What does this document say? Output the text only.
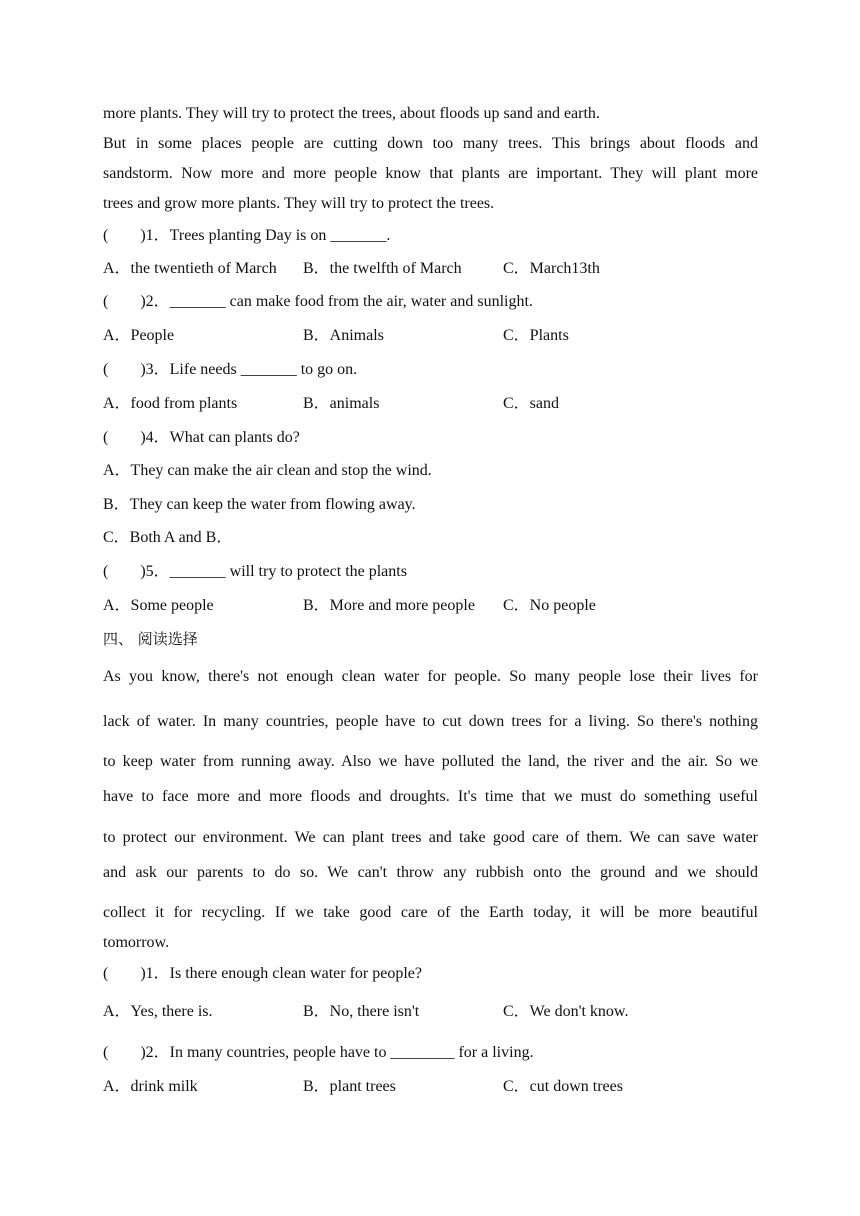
more plants. They will try to protect the trees, about floods up sand and earth.
But in some places people are cutting down too many trees. This brings about floods and
sandstorm. Now more and more people know that plants are important. They will plant more
trees and grow more plants. They will try to protect the trees.
(　　)1．Trees planting Day is on _______.
A．the twentieth of March B．the twelfth of March	C．March13th
(　　)2．_______ can make food from the air, water and sunlight.
A．People	B．Animals	C．Plants
(　　)3．Life needs _______ to go on.
A．food from plants	B．animals	C．sand
(　　)4．What can plants do?
A．They can make the air clean and stop the wind.
B．They can keep the water from flowing away.
C．Both A and B．
(　　)5．_______ will try to protect the plants
A．Some people	B．More and more people C．No people
四、 阅读选择
As you know, there's not enough clean water for people. So many people lose their lives for
lack of water. In many countries, people have to cut down trees for a living. So there's nothing
to keep water from running away. Also we have polluted the land, the river and the air. So we
have to face more and more floods and droughts. It's time that we must do something useful
to protect our environment. We can plant trees and take good care of them. We can save water
and ask our parents to do so. We can't throw any rubbish onto the ground and we should
collect it for recycling. If we take good care of the Earth today, it will be more beautiful
tomorrow.
(　　)1．Is there enough clean water for people?
A．Yes, there is.	B．No, there isn't	C．We don't know.
(　　)2．In many countries, people have to ________ for a living.
A．drink milk	B．plant trees	C．cut down trees
